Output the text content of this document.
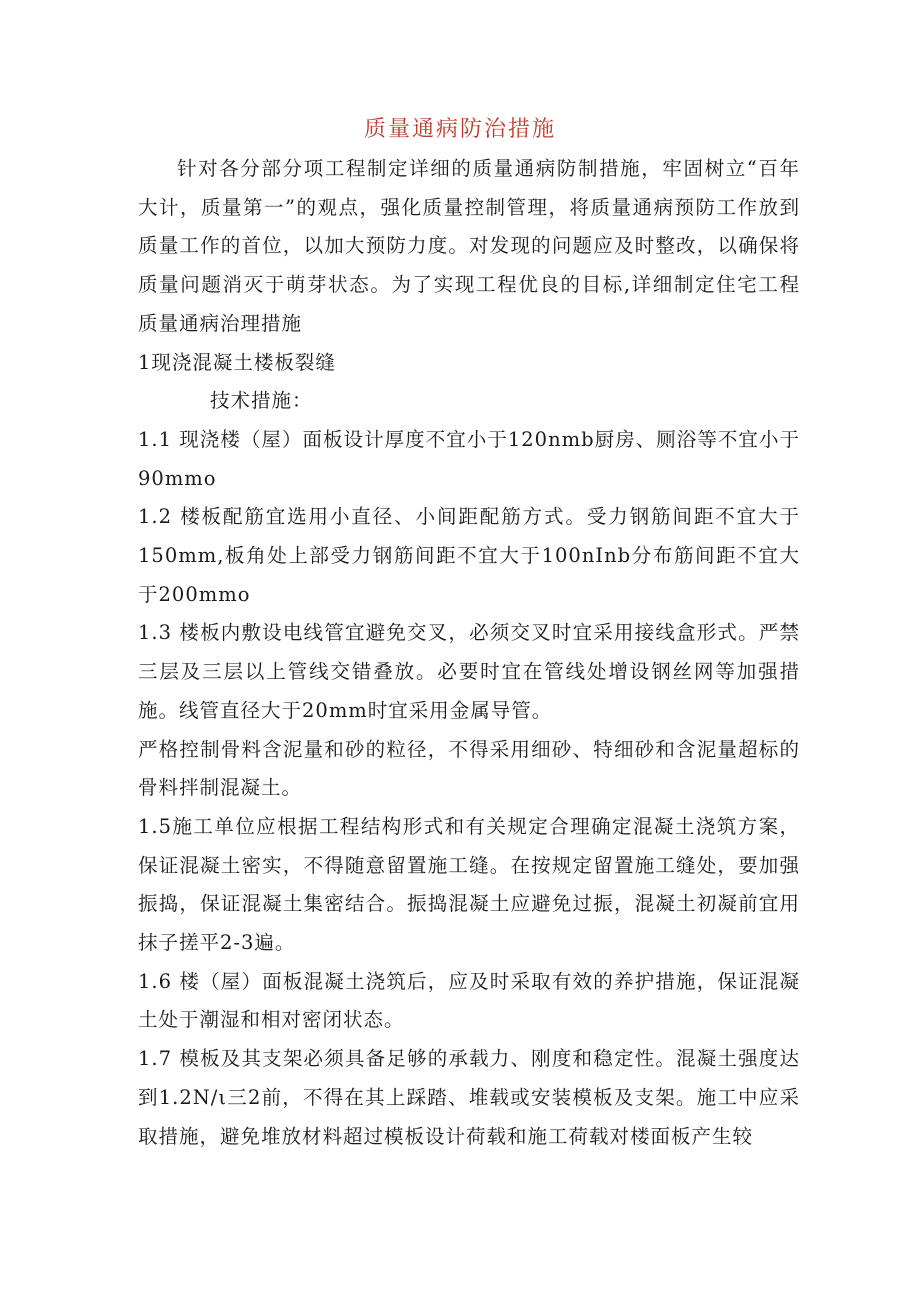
质量通病防治措施

针对各分部分项工程制定详细的质量通病防制措施，牢固树立“百年大计，质量第一”的观点，强化质量控制管理，将质量通病预防工作放到质量工作的首位，以加大预防力度。对发现的问题应及时整改，以确保将质量问题消灭于萌芽状态。为了实现工程优良的目标,详细制定住宅工程质量通病治理措施

1现浇混凝土楼板裂缝

技术措施：

1.1 现浇楼（屋）面板设计厚度不宜小于120nmb厨房、厕浴等不宜小于90mmo

1.2 楼板配筋宜选用小直径、小间距配筋方式。受力钢筋间距不宜大于150mm,板角处上部受力钢筋间距不宜大于100nInb分布筋间距不宜大于200mmo

1.3 楼板内敷设电线管宜避免交叉，必须交叉时宜采用接线盒形式。严禁三层及三层以上管线交错叠放。必要时宜在管线处增设钢丝网等加强措施。线管直径大于20mm时宜采用金属导管。

严格控制骨料含泥量和砂的粒径，不得采用细砂、特细砂和含泥量超标的骨料拌制混凝土。

1.5施工单位应根据工程结构形式和有关规定合理确定混凝土浇筑方案，保证混凝土密实，不得随意留置施工缝。在按规定留置施工缝处，要加强振捣，保证混凝土集密结合。振捣混凝土应避免过振，混凝土初凝前宜用抹子搓平2-3遍。

1.6 楼（屋）面板混凝土浇筑后，应及时采取有效的养护措施，保证混凝土处于潮湿和相对密闭状态。

1.7 模板及其支架必须具备足够的承载力、刚度和稳定性。混凝土强度达到1.2N/ι三2前，不得在其上踩踏、堆载或安装模板及支架。施工中应采取措施，避免堆放材料超过模板设计荷载和施工荷载对楼面板产生较
